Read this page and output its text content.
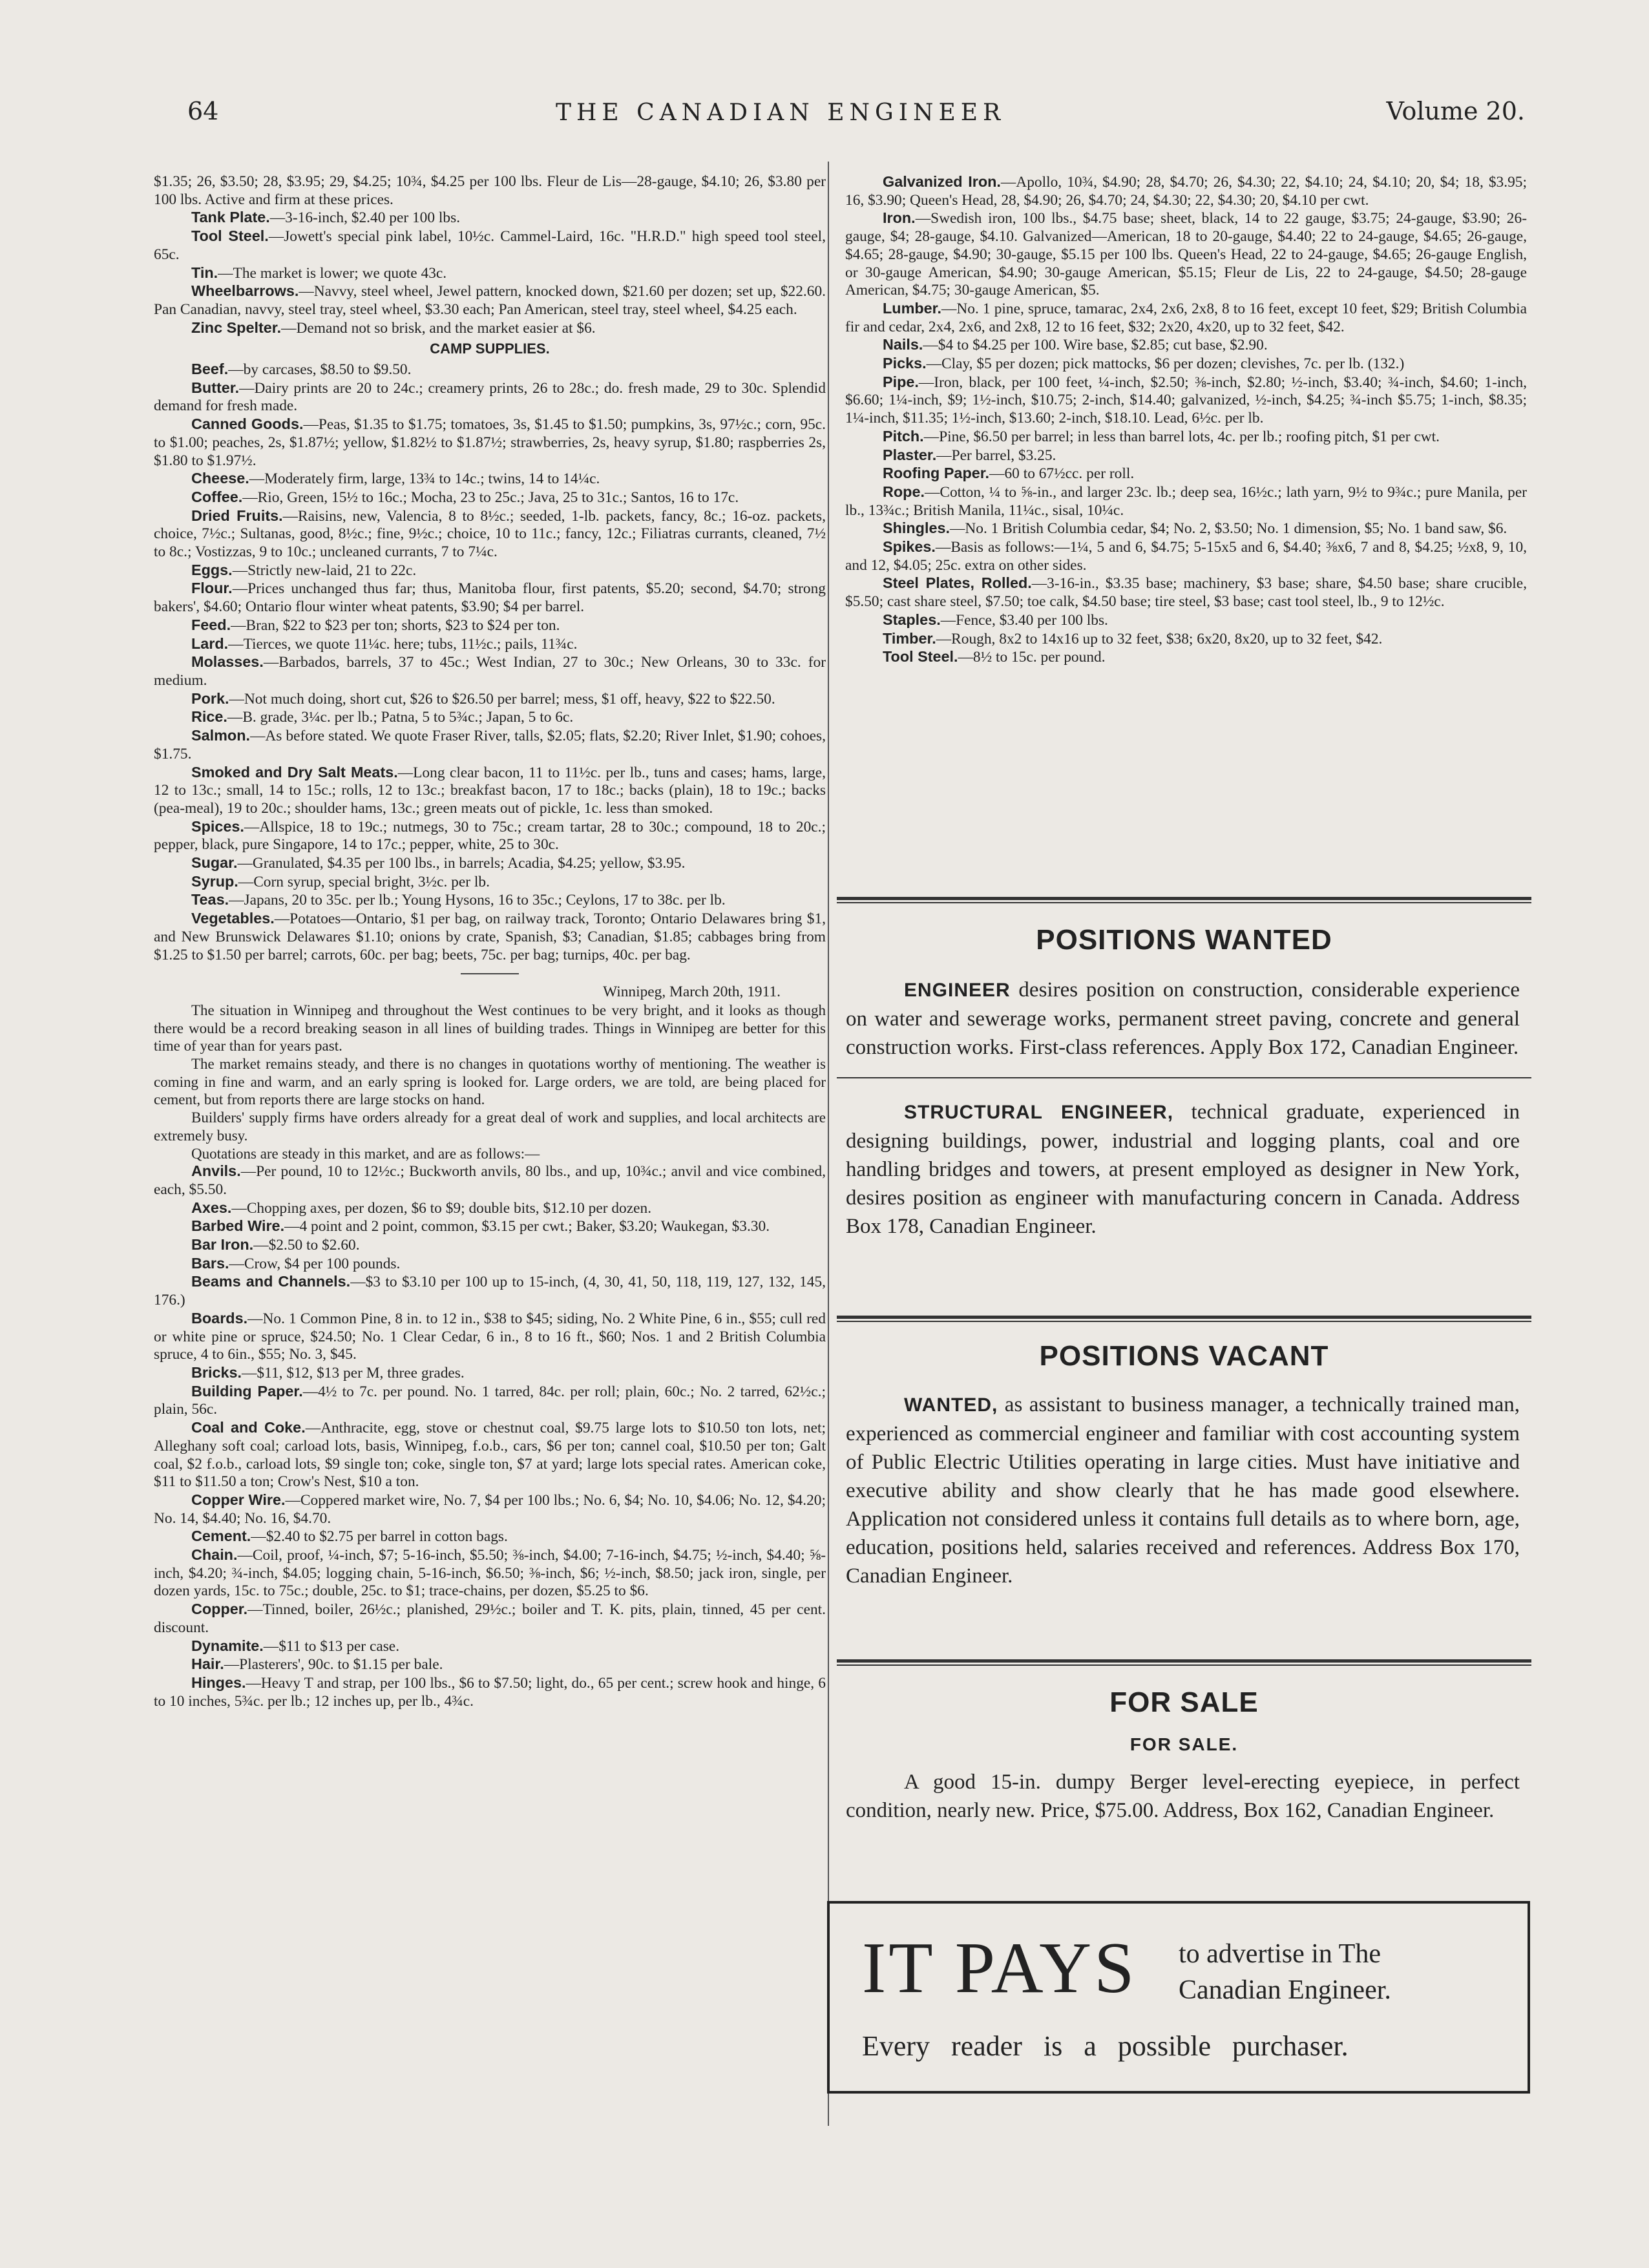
64	THE CANADIAN ENGINEER	Volume 20.

$1.35; 26, $3.50; 28, $3.95; 29, $4.25; 10¾, $4.25 per 100 lbs. Fleur de Lis—28-gauge, $4.10; 26, $3.80 per 100 lbs. Active and firm at these prices.

Tank Plate.—3-16-inch, $2.40 per 100 lbs.

Tool Steel.—Jowett's special pink label, 10½c. Cammel-Laird, 16c. "H.R.D." high speed tool steel, 65c.

Tin.—The market is lower; we quote 43c.

Wheelbarrows.—Navvy, steel wheel, Jewel pattern, knocked down, $21.60 per dozen; set up, $22.60. Pan Canadian, navvy, steel tray, steel wheel, $3.30 each; Pan American, steel tray, steel wheel, $4.25 each.

Zinc Spelter.—Demand not so brisk, and the market easier at $6.

CAMP SUPPLIES.

Beef.—by carcases, $8.50 to $9.50.

Butter.—Dairy prints are 20 to 24c.; creamery prints, 26 to 28c.; do. fresh made, 29 to 30c. Splendid demand for fresh made.

Canned Goods.—Peas, $1.35 to $1.75; tomatoes, 3s, $1.45 to $1.50; pumpkins, 3s, 97½c.; corn, 95c. to $1.00; peaches, 2s, $1.87½; yellow, $1.82½ to $1.87½; strawberries, 2s, heavy syrup, $1.80; raspberries 2s, $1.80 to $1.97½.

Cheese.—Moderately firm, large, 13¾ to 14c.; twins, 14 to 14¼c.

Coffee.—Rio, Green, 15½ to 16c.; Mocha, 23 to 25c.; Java, 25 to 31c.; Santos, 16 to 17c.

Dried Fruits.—Raisins, new, Valencia, 8 to 8½c.; seeded, 1-lb. packets, fancy, 8c.; 16-oz. packets, choice, 7½c.; Sultanas, good, 8½c.; fine, 9½c.; choice, 10 to 11c.; fancy, 12c.; Filiatras currants, cleaned, 7½ to 8c.; Vostizzas, 9 to 10c.; uncleaned currants, 7 to 7¼c.

Eggs.—Strictly new-laid, 21 to 22c.

Flour.—Prices unchanged thus far; thus, Manitoba flour, first patents, $5.20; second, $4.70; strong bakers', $4.60; Ontario flour winter wheat patents, $3.90; $4 per barrel.

Feed.—Bran, $22 to $23 per ton; shorts, $23 to $24 per ton.

Lard.—Tierces, we quote 11¼c. here; tubs, 11½c.; pails, 11¾c.

Molasses.—Barbados, barrels, 37 to 45c.; West Indian, 27 to 30c.; New Orleans, 30 to 33c. for medium.

Pork.—Not much doing, short cut, $26 to $26.50 per barrel; mess, $1 off, heavy, $22 to $22.50.

Rice.—B. grade, 3¼c. per lb.; Patna, 5 to 5¾c.; Japan, 5 to 6c.

Salmon.—As before stated. We quote Fraser River, talls, $2.05; flats, $2.20; River Inlet, $1.90; cohoes, $1.75.

Smoked and Dry Salt Meats.—Long clear bacon, 11 to 11½c. per lb., tuns and cases; hams, large, 12 to 13c.; small, 14 to 15c.; rolls, 12 to 13c.; breakfast bacon, 17 to 18c.; backs (plain), 18 to 19c.; backs (pea-meal), 19 to 20c.; shoulder hams, 13c.; green meats out of pickle, 1c. less than smoked.

Spices.—Allspice, 18 to 19c.; nutmegs, 30 to 75c.; cream tartar, 28 to 30c.; compound, 18 to 20c.; pepper, black, pure Singapore, 14 to 17c.; pepper, white, 25 to 30c.

Sugar.—Granulated, $4.35 per 100 lbs., in barrels; Acadia, $4.25; yellow, $3.95.

Syrup.—Corn syrup, special bright, 3½c. per lb.

Teas.—Japans, 20 to 35c. per lb.; Young Hysons, 16 to 35c.; Ceylons, 17 to 38c. per lb.

Vegetables.—Potatoes—Ontario, $1 per bag, on railway track, Toronto; Ontario Delawares bring $1, and New Brunswick Delawares $1.10; onions by crate, Spanish, $3; Canadian, $1.85; cabbages bring from $1.25 to $1.50 per barrel; carrots, 60c. per bag; beets, 75c. per bag; turnips, 40c. per bag.

Winnipeg, March 20th, 1911.

The situation in Winnipeg and throughout the West continues to be very bright, and it looks as though there would be a record breaking season in all lines of building trades. Things in Winnipeg are better for this time of year than for years past.

The market remains steady, and there is no changes in quotations worthy of mentioning. The weather is coming in fine and warm, and an early spring is looked for. Large orders, we are told, are being placed for cement, but from reports there are large stocks on hand.

Builders' supply firms have orders already for a great deal of work and supplies, and local architects are extremely busy.

Quotations are steady in this market, and are as follows:—

Anvils.—Per pound, 10 to 12½c.; Buckworth anvils, 80 lbs., and up, 10¾c.; anvil and vice combined, each, $5.50.

Axes.—Chopping axes, per dozen, $6 to $9; double bits, $12.10 per dozen.

Barbed Wire.—4 point and 2 point, common, $3.15 per cwt.; Baker, $3.20; Waukegan, $3.30.

Bar Iron.—$2.50 to $2.60.

Bars.—Crow, $4 per 100 pounds.

Beams and Channels.—$3 to $3.10 per 100 up to 15-inch, (4, 30, 41, 50, 118, 119, 127, 132, 145, 176.)

Boards.—No. 1 Common Pine, 8 in. to 12 in., $38 to $45; siding, No. 2 White Pine, 6 in., $55; cull red or white pine or spruce, $24.50; No. 1 Clear Cedar, 6 in., 8 to 16 ft., $60; Nos. 1 and 2 British Columbia spruce, 4 to 6in., $55; No. 3, $45.

Bricks.—$11, $12, $13 per M, three grades.

Building Paper.—4½ to 7c. per pound. No. 1 tarred, 84c. per roll; plain, 60c.; No. 2 tarred, 62½c.; plain, 56c.

Coal and Coke.—Anthracite, egg, stove or chestnut coal, $9.75 large lots to $10.50 ton lots, net; Alleghany soft coal; carload lots, basis, Winnipeg, f.o.b., cars, $6 per ton; cannel coal, $10.50 per ton; Galt coal, $2 f.o.b., carload lots, $9 single ton; coke, single ton, $7 at yard; large lots special rates. American coke, $11 to $11.50 a ton; Crow's Nest, $10 a ton.

Copper Wire.—Coppered market wire, No. 7, $4 per 100 lbs.; No. 6, $4; No. 10, $4.06; No. 12, $4.20; No. 14, $4.40; No. 16, $4.70.

Cement.—$2.40 to $2.75 per barrel in cotton bags.

Chain.—Coil, proof, ¼-inch, $7; 5-16-inch, $5.50; ⅜-inch, $4.00; 7-16-inch, $4.75; ½-inch, $4.40; ⅝-inch, $4.20; ¾-inch, $4.05; logging chain, 5-16-inch, $6.50; ⅜-inch, $6; ½-inch, $8.50; jack iron, single, per dozen yards, 15c. to 75c.; double, 25c. to $1; trace-chains, per dozen, $5.25 to $6.

Copper.—Tinned, boiler, 26½c.; planished, 29½c.; boiler and T. K. pits, plain, tinned, 45 per cent. discount.

Dynamite.—$11 to $13 per case.

Hair.—Plasterers', 90c. to $1.15 per bale.

Hinges.—Heavy T and strap, per 100 lbs., $6 to $7.50; light, do., 65 per cent.; screw hook and hinge, 6 to 10 inches, 5¾c. per lb.; 12 inches up, per lb., 4¾c.

Galvanized Iron.—Apollo, 10¾, $4.90; 28, $4.70; 26, $4.30; 22, $4.10; 24, $4.10; 20, $4; 18, $3.95; 16, $3.90; Queen's Head, 28, $4.90; 26, $4.70; 24, $4.30; 22, $4.30; 20, $4.10 per cwt.

Iron.—Swedish iron, 100 lbs., $4.75 base; sheet, black, 14 to 22 gauge, $3.75; 24-gauge, $3.90; 26-gauge, $4; 28-gauge, $4.10. Galvanized—American, 18 to 20-gauge, $4.40; 22 to 24-gauge, $4.65; 26-gauge, $4.65; 28-gauge, $4.90; 30-gauge, $5.15 per 100 lbs. Queen's Head, 22 to 24-gauge, $4.65; 26-gauge English, or 30-gauge American, $4.90; 30-gauge American, $5.15; Fleur de Lis, 22 to 24-gauge, $4.50; 28-gauge American, $4.75; 30-gauge American, $5.

Lumber.—No. 1 pine, spruce, tamarac, 2x4, 2x6, 2x8, 8 to 16 feet, except 10 feet, $29; British Columbia fir and cedar, 2x4, 2x6, and 2x8, 12 to 16 feet, $32; 2x20, 4x20, up to 32 feet, $42.

Nails.—$4 to $4.25 per 100. Wire base, $2.85; cut base, $2.90.

Picks.—Clay, $5 per dozen; pick mattocks, $6 per dozen; clevishes, 7c. per lb. (132.)

Pipe.—Iron, black, per 100 feet, ¼-inch, $2.50; ⅜-inch, $2.80; ½-inch, $3.40; ¾-inch, $4.60; 1-inch, $6.60; 1¼-inch, $9; 1½-inch, $10.75; 2-inch, $14.40; galvanized, ½-inch, $4.25; ¾-inch $5.75; 1-inch, $8.35; 1¼-inch, $11.35; 1½-inch, $13.60; 2-inch, $18.10. Lead, 6½c. per lb.

Pitch.—Pine, $6.50 per barrel; in less than barrel lots, 4c. per lb.; roofing pitch, $1 per cwt.

Plaster.—Per barrel, $3.25.

Roofing Paper.—60 to 67½cc. per roll.

Rope.—Cotton, ¼ to ⅝-in., and larger 23c. lb.; deep sea, 16½c.; lath yarn, 9½ to 9¾c.; pure Manila, per lb., 13¾c.; British Manila, 11¼c., sisal, 10¼c.

Shingles.—No. 1 British Columbia cedar, $4; No. 2, $3.50; No. 1 dimension, $5; No. 1 band saw, $6.

Spikes.—Basis as follows:—1¼, 5 and 6, $4.75; 5-15x5 and 6, $4.40; ⅜x6, 7 and 8, $4.25; ½x8, 9, 10, and 12, $4.05; 25c. extra on other sides.

Steel Plates, Rolled.—3-16-in., $3.35 base; machinery, $3 base; share, $4.50 base; share crucible, $5.50; cast share steel, $7.50; toe calk, $4.50 base; tire steel, $3 base; cast tool steel, lb., 9 to 12½c.

Staples.—Fence, $3.40 per 100 lbs.

Timber.—Rough, 8x2 to 14x16 up to 32 feet, $38; 6x20, 8x20, up to 32 feet, $42.

Tool Steel.—8½ to 15c. per pound.

POSITIONS WANTED

ENGINEER desires position on construction, considerable experience on water and sewerage works, permanent street paving, concrete and general construction works. First-class references. Apply Box 172, Canadian Engineer.

STRUCTURAL ENGINEER, technical graduate, experienced in designing buildings, power, industrial and logging plants, coal and ore handling bridges and towers, at present employed as designer in New York, desires position as engineer with manufacturing concern in Canada. Address Box 178, Canadian Engineer.

POSITIONS VACANT

WANTED, as assistant to business manager, a technically trained man, experienced as commercial engineer and familiar with cost accounting system of Public Electric Utilities operating in large cities. Must have initiative and executive ability and show clearly that he has made good elsewhere. Application not considered unless it contains full details as to where born, age, education, positions held, salaries received and references. Address Box 170, Canadian Engineer.

FOR SALE
FOR SALE.

A good 15-in. dumpy Berger level-erecting eyepiece, in perfect condition, nearly new. Price, $75.00. Address, Box 162, Canadian Engineer.

IT PAYS to advertise in The
Canadian Engineer.
Every reader is a possible purchaser.
